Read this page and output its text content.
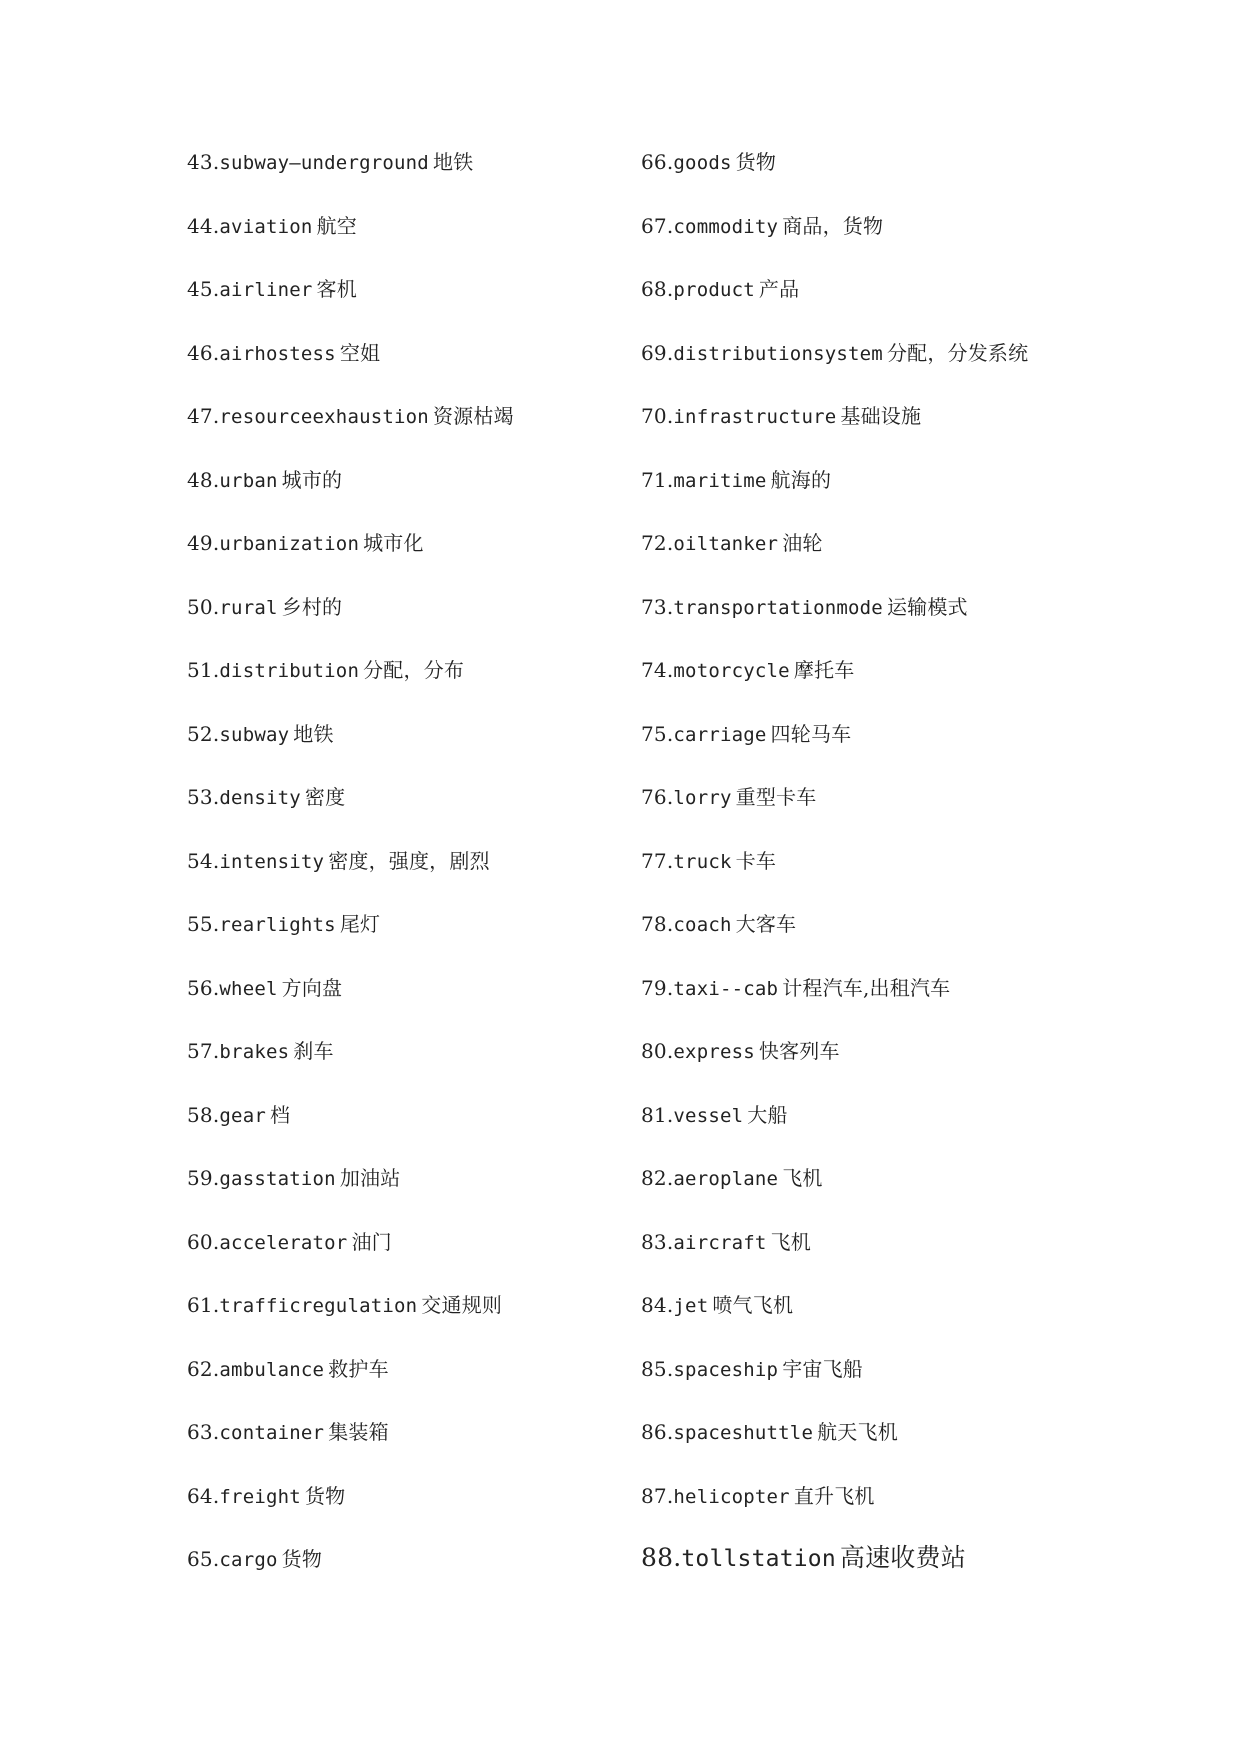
43.subway—underground 地铁
44.aviation 航空
45.airliner 客机
46.airhostess 空姐
47.resourceexhaustion 资源枯竭
48.urban 城市的
49.urbanization 城市化
50.rural 乡村的
51.distribution 分配，分布
52.subway 地铁
53.density 密度
54.intensity 密度，强度，剧烈
55.rearlights 尾灯
56.wheel 方向盘
57.brakes 刹车
58.gear 档
59.gasstation 加油站
60.accelerator 油门
61.trafficregulation 交通规则
62.ambulance 救护车
63.container 集装箱
64.freight 货物
65.cargo 货物
66.goods 货物
67.commodity 商品，货物
68.product 产品
69.distributionsystem 分配，分发系统
70.infrastructure 基础设施
71.maritime 航海的
72.oiltanker 油轮
73.transportationmode 运输模式
74.motorcycle 摩托车
75.carriage 四轮马车
76.lorry 重型卡车
77.truck 卡车
78.coach 大客车
79.taxi--cab 计程汽车,出租汽车
80.express 快客列车
81.vessel 大船
82.aeroplane 飞机
83.aircraft 飞机
84.jet 喷气飞机
85.spaceship 宇宙飞船
86.spaceshuttle 航天飞机
87.helicopter 直升飞机
88.tollstation 高速收费站
